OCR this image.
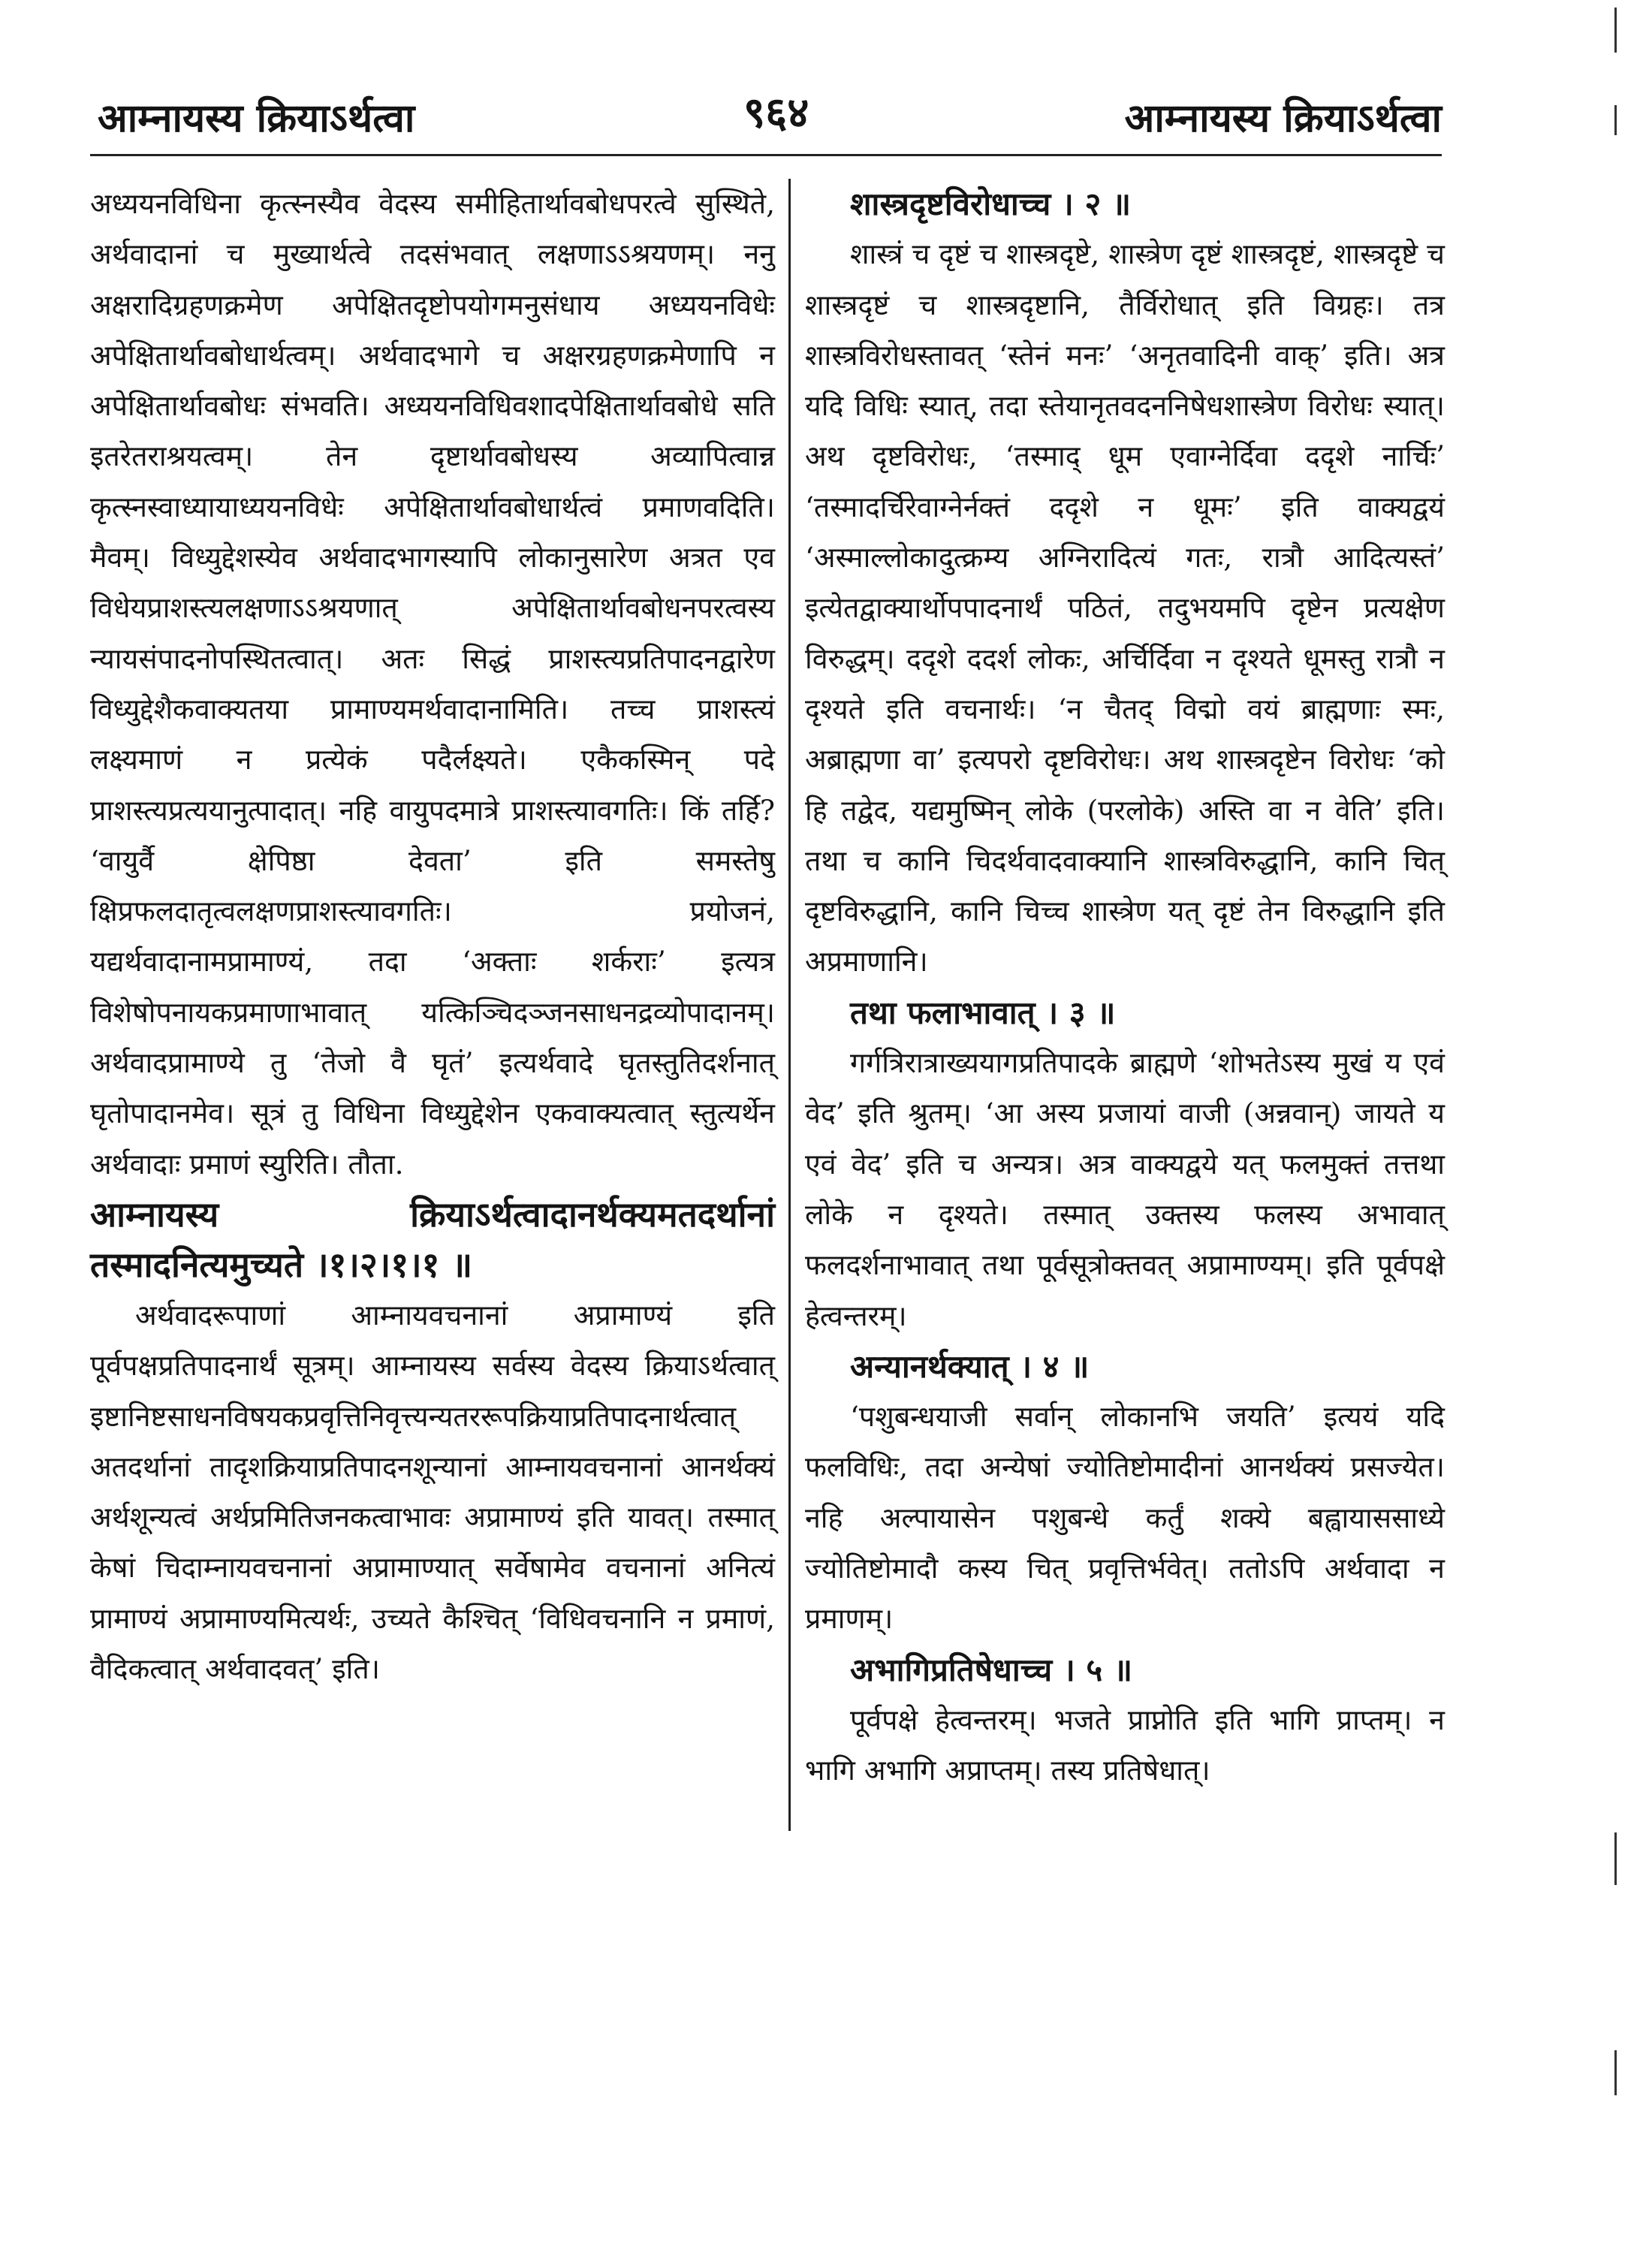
आम्नायस्य क्रियाऽर्थत्वा	९६४	आम्नायस्य क्रियाऽर्थत्वा

अध्ययनविधिना कृत्स्नस्यैव वेदस्य समीहितार्थावबोधपरत्वे सुस्थिते, अर्थवादानां च मुख्यार्थत्वे तदसंभवात् लक्षणाऽऽश्रयणम्। ननु अक्षरादिग्रहणक्रमेण अपेक्षितदृष्टोपयोगमनुसंधाय अध्ययनविधेः अपेक्षितार्थावबोधार्थत्वम्। अर्थवादभागे च अक्षरग्रहणक्रमेणापि न अपेक्षितार्थावबोधः संभवति। अध्ययनविधिवशादपेक्षितार्थावबोधे सति इतरेतराश्रयत्वम्। तेन दृष्टार्थावबोधस्य अव्यापित्वान्न कृत्स्नस्वाध्यायाध्ययनविधेः अपेक्षितार्थावबोधार्थत्वं प्रमाणवदिति। मैवम्। विध्युद्देशस्येव अर्थवादभागस्यापि लोकानुसारेण अत्रत एव विधेयप्राशस्त्यलक्षणाऽऽश्रयणात् अपेक्षितार्थावबोधनपरत्वस्य न्यायसंपादनोपस्थितत्वात्। अतः सिद्धं प्राशस्त्यप्रतिपादनद्वारेण विध्युद्देशैकवाक्यतया प्रामाण्यमर्थवादानामिति। तच्च प्राशस्त्यं लक्ष्यमाणं न प्रत्येकं पदैर्लक्ष्यते। एकैकस्मिन् पदे प्राशस्त्यप्रत्ययानुत्पादात्। नहि वायुपदमात्रे प्राशस्त्यावगतिः। किं तर्हि? ‘वायुर्वै क्षेपिष्ठा देवता’ इति समस्तेषु क्षिप्रफलदातृत्वलक्षणप्राशस्त्यावगतिः। प्रयोजनं, यद्यर्थवादानामप्रामाण्यं, तदा ‘अक्ताः शर्कराः’ इत्यत्र विशेषोपनायकप्रमाणाभावात् यत्किञ्चिदञ्जनसाधनद्रव्योपादानम्। अर्थवादप्रामाण्ये तु ‘तेजो वै घृतं’ इत्यर्थवादे घृतस्तुतिदर्शनात् घृतोपादानमेव। सूत्रं तु विधिना विध्युद्देशेन एकवाक्यत्वात् स्तुत्यर्थेन अर्थवादाः प्रमाणं स्युरिति। तौता.

आम्नायस्य क्रियाऽर्थत्वादानर्थक्यमतदर्थानां तस्मादनित्यमुच्यते ।१।२।१।१ ॥

अर्थवादरूपाणां आम्नायवचनानां अप्रामाण्यं इति पूर्वपक्षप्रतिपादनार्थं सूत्रम्। आम्नायस्य सर्वस्य वेदस्य क्रियाऽर्थत्वात् इष्टानिष्टसाधनविषयकप्रवृत्तिनिवृत्त्यन्यतररूपक्रियाप्रतिपादनार्थत्वात् अतदर्थानां तादृशक्रियाप्रतिपादनशून्यानां आम्नायवचनानां आनर्थक्यं अर्थशून्यत्वं अर्थप्रमितिजनकत्वाभावः अप्रामाण्यं इति यावत्। तस्मात् केषां चिदाम्नायवचनानां अप्रामाण्यात् सर्वेषामेव वचनानां अनित्यं प्रामाण्यं अप्रामाण्यमित्यर्थः, उच्यते कैश्चित् ‘विधिवचनानि न प्रमाणं, वैदिकत्वात् अर्थवादवत्’ इति।

शास्त्रदृष्टविरोधाच्च । २ ॥

शास्त्रं च दृष्टं च शास्त्रदृष्टे, शास्त्रेण दृष्टं शास्त्रदृष्टं, शास्त्रदृष्टे च शास्त्रदृष्टं च शास्त्रदृष्टानि, तैर्विरोधात् इति विग्रहः। तत्र शास्त्रविरोधस्तावत् ‘स्तेनं मनः’ ‘अनृतवादिनी वाक्’ इति। अत्र यदि विधिः स्यात्, तदा स्तेयानृतवदननिषेधशास्त्रेण विरोधः स्यात्। अथ दृष्टविरोधः, ‘तस्माद् धूम एवाग्नेर्दिवा ददृशे नार्चिः’ ‘तस्मादर्चिरेवाग्नेर्नक्तं ददृशे न धूमः’ इति वाक्यद्वयं ‘अस्माल्लोकादुत्क्रम्य अग्निरादित्यं गतः, रात्रौ आदित्यस्तं’ इत्येतद्वाक्यार्थोपपादनार्थं पठितं, तदुभयमपि दृष्टेन प्रत्यक्षेण विरुद्धम्। ददृशे ददर्श लोकः, अर्चिर्दिवा न दृश्यते धूमस्तु रात्रौ न दृश्यते इति वचनार्थः। ‘न चैतद् विद्मो वयं ब्राह्मणाः स्मः, अब्राह्मणा वा’ इत्यपरो दृष्टविरोधः। अथ शास्त्रदृष्टेन विरोधः ‘को हि तद्वेद, यद्यमुष्मिन् लोके (परलोके) अस्ति वा न वेति’ इति। तथा च कानि चिदर्थवादवाक्यानि शास्त्रविरुद्धानि, कानि चित् दृष्टविरुद्धानि, कानि चिच्च शास्त्रेण यत् दृष्टं तेन विरुद्धानि इति अप्रमाणानि।

तथा फलाभावात् । ३ ॥

गर्गत्रिरात्राख्ययागप्रतिपादके ब्राह्मणे ‘शोभतेऽस्य मुखं य एवं वेद’ इति श्रुतम्। ‘आ अस्य प्रजायां वाजी (अन्नवान्) जायते य एवं वेद’ इति च अन्यत्र। अत्र वाक्यद्वये यत् फलमुक्तं तत्तथा लोके न दृश्यते। तस्मात् उक्तस्य फलस्य अभावात् फलदर्शनाभावात् तथा पूर्वसूत्रोक्तवत् अप्रामाण्यम्। इति पूर्वपक्षे हेत्वन्तरम्।

अन्यानर्थक्यात् । ४ ॥

‘पशुबन्धयाजी सर्वान् लोकानभि जयति’ इत्ययं यदि फलविधिः, तदा अन्येषां ज्योतिष्टोमादीनां आनर्थक्यं प्रसज्येत। नहि अल्पायासेन पशुबन्धे कर्तुं शक्ये बह्वायाससाध्ये ज्योतिष्टोमादौ कस्य चित् प्रवृत्तिर्भवेत्। ततोऽपि अर्थवादा न प्रमाणम्।

अभागिप्रतिषेधाच्च । ५ ॥

पूर्वपक्षे हेत्वन्तरम्। भजते प्राप्नोति इति भागि प्राप्तम्। न भागि अभागि अप्राप्तम्। तस्य प्रतिषेधात्।
